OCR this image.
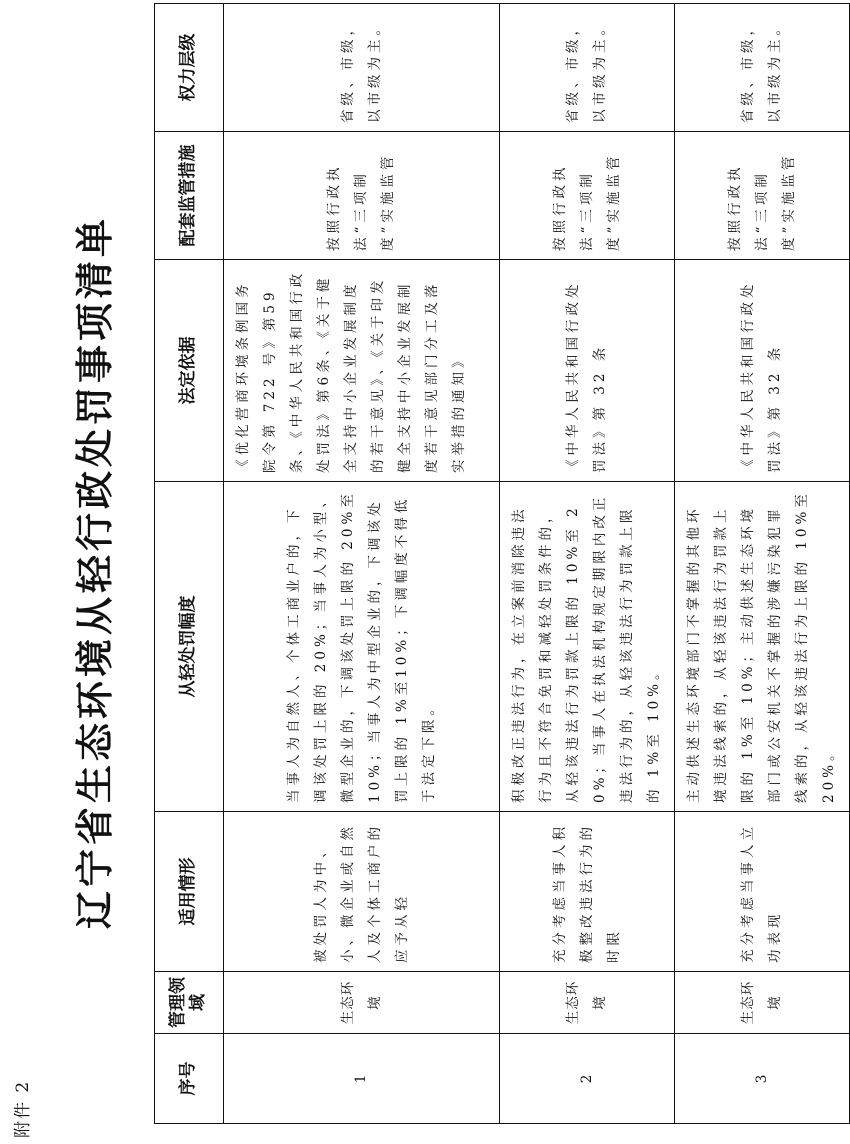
附件 2
辽宁省生态环境从轻行政处罚事项清单
序号	管理领域	适用情形	从轻处罚幅度	法定依据	配套监管措施	权力层级
1	生态环境	被处罚人为中、小、微企业或自然人及个体工商户的应予从轻	当事人为自然人、个体工商业户的，下调该处罚上限的 20%；当事人为小型、微型企业的，下调该处罚上限的 20%至 10%；当事人为中型企业的，下调该处罚上限的 1%至10%；下调幅度不得低于法定下限。	《优化营商环境条例国务院令第 722 号》第59条、《中华人民共和国行政处罚法》第6条、《关于健全支持中小企业发展制度的若干意见》、《关于印发健全支持中小企业发展制度若干意见部门分工及落实举措的通知》	按照行政执法“三项制度”实施监管	省级、市级，以市级为主。
2	生态环境	充分考虑当事人积极整改违法行为的时限	积极改正违法行为，在立案前消除违法行为且不符合免罚和减轻处罚条件的，从轻该违法行为罚款上限的 10%至 20%；当事人在执法机构规定期限内改正违法行为的，从轻该违法行为罚款上限的 1%至 10%。	《中华人民共和国行政处罚法》第 32 条	按照行政执法“三项制度”实施监管	省级、市级，以市级为主。
3	生态环境	充分考虑当事人立功表现	主动供述生态环境部门不掌握的其他环境违法线索的，从轻该违法行为罚款上限的 1%至 10%；主动供述生态环境部门或公安机关不掌握的涉嫌污染犯罪线索的，从轻该违法行为上限的 10%至 20%。	《中华人民共和国行政处罚法》第 32 条	按照行政执法“三项制度”实施监管	省级、市级，以市级为主。
